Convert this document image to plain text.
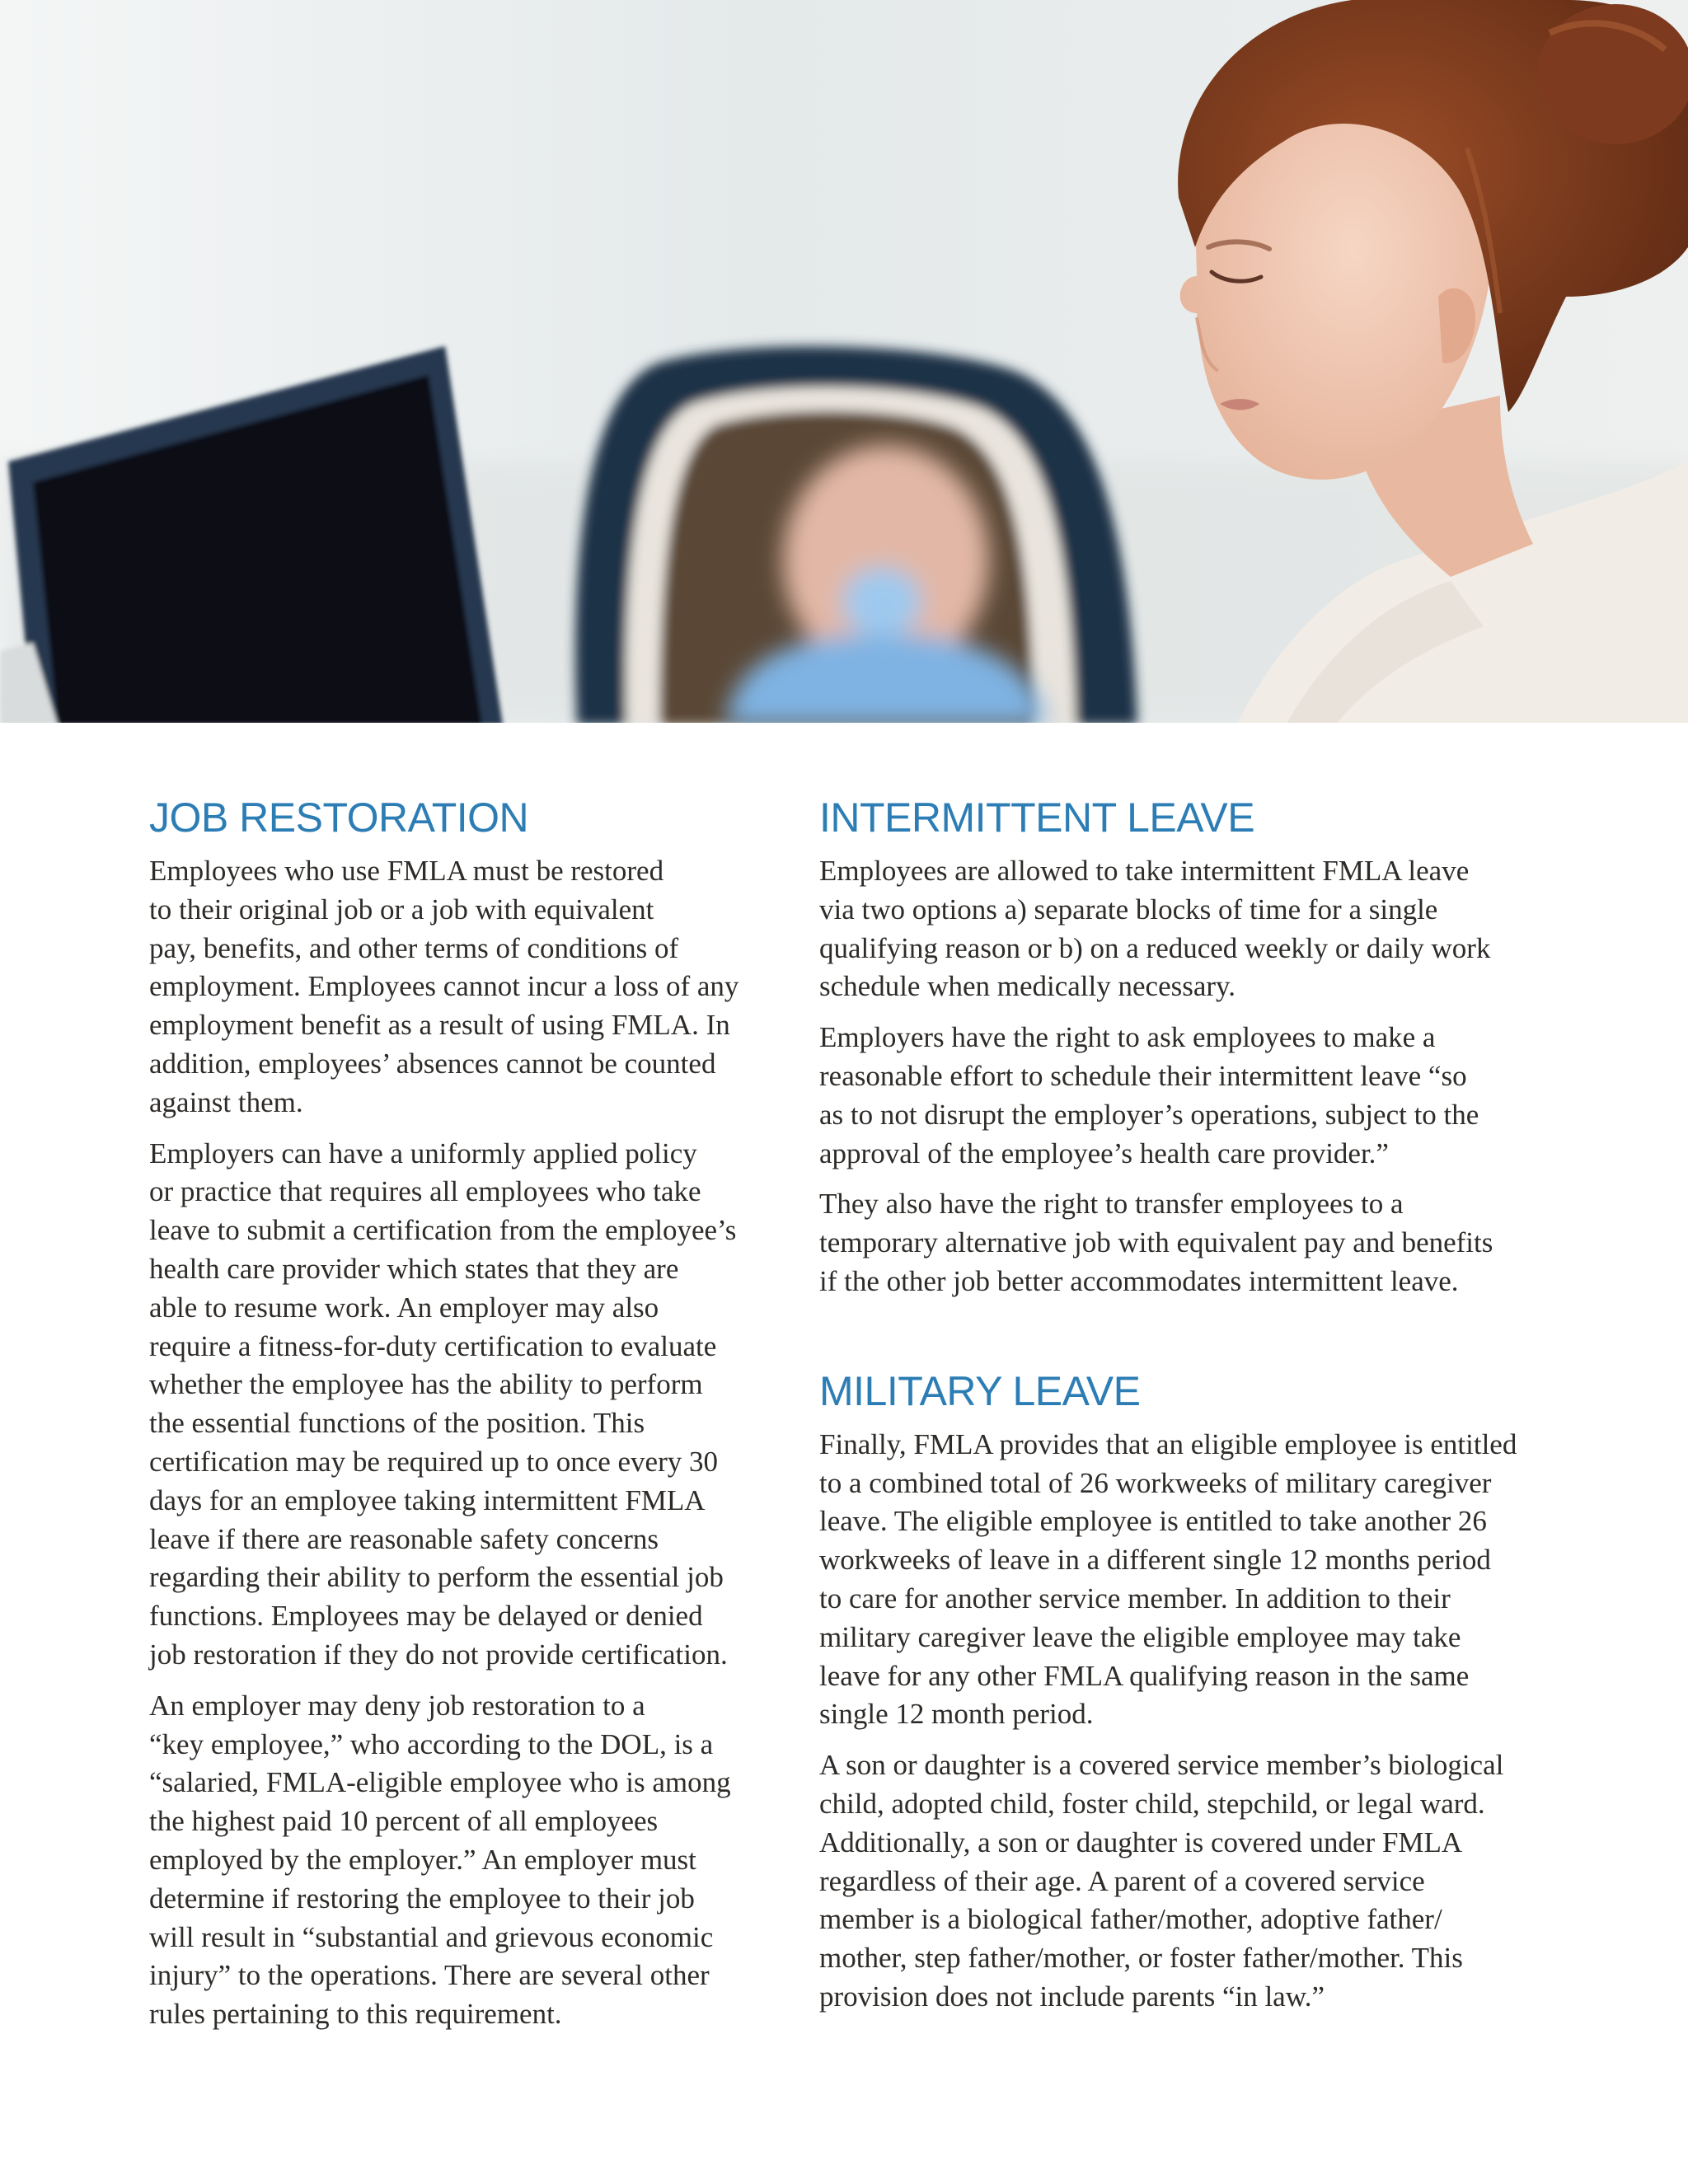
JOB RESTORATION

Employees who use FMLA must be restored
to their original job or a job with equivalent
pay, benefits, and other terms of conditions of
employment. Employees cannot incur a loss of any
employment benefit as a result of using FMLA. In
addition, employees’ absences cannot be counted
against them.

Employers can have a uniformly applied policy
or practice that requires all employees who take
leave to submit a certification from the employee’s
health care provider which states that they are
able to resume work. An employer may also
require a fitness-for-duty certification to evaluate
whether the employee has the ability to perform
the essential functions of the position. This
certification may be required up to once every 30
days for an employee taking intermittent FMLA
leave if there are reasonable safety concerns
regarding their ability to perform the essential job
functions. Employees may be delayed or denied
job restoration if they do not provide certification.

An employer may deny job restoration to a
“key employee,” who according to the DOL, is a
“salaried, FMLA-eligible employee who is among
the highest paid 10 percent of all employees
employed by the employer.” An employer must
determine if restoring the employee to their job
will result in “substantial and grievous economic
injury” to the operations. There are several other
rules pertaining to this requirement.

INTERMITTENT LEAVE

Employees are allowed to take intermittent FMLA leave
via two options a) separate blocks of time for a single
qualifying reason or b) on a reduced weekly or daily work
schedule when medically necessary.

Employers have the right to ask employees to make a
reasonable effort to schedule their intermittent leave “so
as to not disrupt the employer’s operations, subject to the
approval of the employee’s health care provider.”

They also have the right to transfer employees to a
temporary alternative job with equivalent pay and benefits
if the other job better accommodates intermittent leave.

MILITARY LEAVE

Finally, FMLA provides that an eligible employee is entitled
to a combined total of 26 workweeks of military caregiver
leave. The eligible employee is entitled to take another 26
workweeks of leave in a different single 12 months period
to care for another service member. In addition to their
military caregiver leave the eligible employee may take
leave for any other FMLA qualifying reason in the same
single 12 month period.

A son or daughter is a covered service member’s biological
child, adopted child, foster child, stepchild, or legal ward.
Additionally, a son or daughter is covered under FMLA
regardless of their age. A parent of a covered service
member is a biological father/mother, adoptive father/
mother, step father/mother, or foster father/mother. This
provision does not include parents “in law.”
